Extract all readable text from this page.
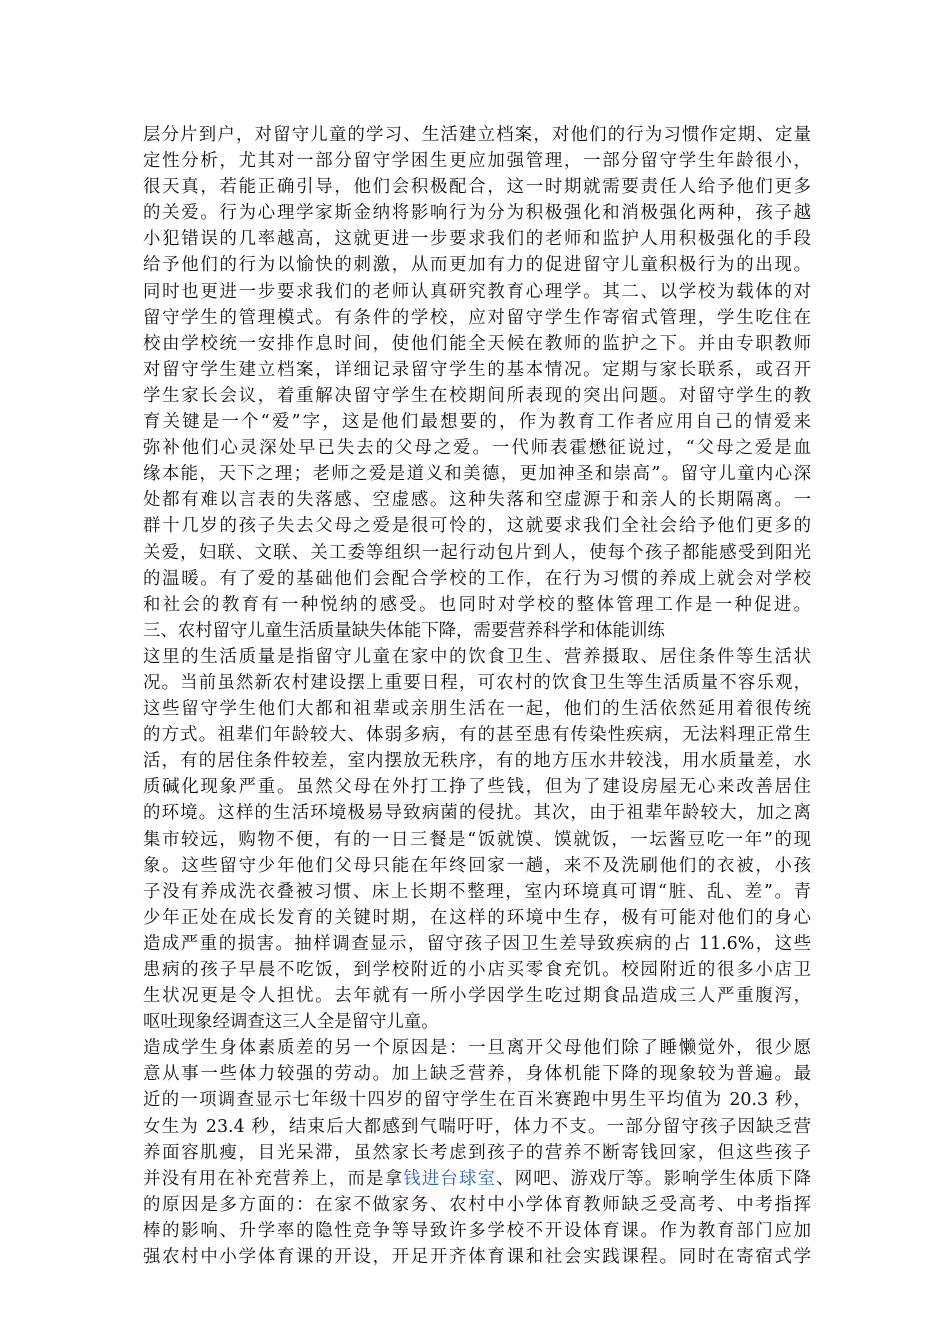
层分片到户，对留守儿童的学习、生活建立档案，对他们的行为习惯作定期、定量
定性分析，尤其对一部分留守学困生更应加强管理，一部分留守学生年龄很小，
很天真，若能正确引导，他们会积极配合，这一时期就需要责任人给予他们更多
的关爱。行为心理学家斯金纳将影响行为分为积极强化和消极强化两种，孩子越
小犯错误的几率越高，这就更进一步要求我们的老师和监护人用积极强化的手段
给予他们的行为以愉快的刺激，从而更加有力的促进留守儿童积极行为的出现。
同时也更进一步要求我们的老师认真研究教育心理学。其二、以学校为载体的对
留守学生的管理模式。有条件的学校，应对留守学生作寄宿式管理，学生吃住在
校由学校统一安排作息时间，使他们能全天候在教师的监护之下。并由专职教师
对留守学生建立档案，详细记录留守学生的基本情况。定期与家长联系，或召开
学生家长会议，着重解决留守学生在校期间所表现的突出问题。对留守学生的教
育关键是一个“爱”字，这是他们最想要的，作为教育工作者应用自己的情爱来
弥补他们心灵深处早已失去的父母之爱。一代师表霍懋征说过，“父母之爱是血
缘本能，天下之理；老师之爱是道义和美德，更加神圣和崇高”。留守儿童内心深
处都有难以言表的失落感、空虚感。这种失落和空虚源于和亲人的长期隔离。一
群十几岁的孩子失去父母之爱是很可怜的，这就要求我们全社会给予他们更多的
关爱，妇联、文联、关工委等组织一起行动包片到人，使每个孩子都能感受到阳光
的温暖。有了爱的基础他们会配合学校的工作，在行为习惯的养成上就会对学校
和社会的教育有一种悦纳的感受。也同时对学校的整体管理工作是一种促进。
三、农村留守儿童生活质量缺失体能下降，需要营养科学和体能训练
这里的生活质量是指留守儿童在家中的饮食卫生、营养摄取、居住条件等生活状
况。当前虽然新农村建设摆上重要日程，可农村的饮食卫生等生活质量不容乐观，
这些留守学生他们大都和祖辈或亲朋生活在一起，他们的生活依然延用着很传统
的方式。祖辈们年龄较大、体弱多病，有的甚至患有传染性疾病，无法料理正常生
活，有的居住条件较差，室内摆放无秩序，有的地方压水井较浅，用水质量差，水
质碱化现象严重。虽然父母在外打工挣了些钱，但为了建设房屋无心来改善居住
的环境。这样的生活环境极易导致病菌的侵扰。其次，由于祖辈年龄较大，加之离
集市较远，购物不便，有的一日三餐是“饭就馍、馍就饭，一坛酱豆吃一年”的现
象。这些留守少年他们父母只能在年终回家一趟，来不及洗刷他们的衣被，小孩
子没有养成洗衣叠被习惯、床上长期不整理，室内环境真可谓“脏、乱、差”。青
少年正处在成长发育的关键时期，在这样的环境中生存，极有可能对他们的身心
造成严重的损害。抽样调查显示，留守孩子因卫生差导致疾病的占 11.6%，这些
患病的孩子早晨不吃饭，到学校附近的小店买零食充饥。校园附近的很多小店卫
生状况更是令人担忧。去年就有一所小学因学生吃过期食品造成三人严重腹泻，
呕吐现象经调查这三人全是留守儿童。
造成学生身体素质差的另一个原因是：一旦离开父母他们除了睡懒觉外，很少愿
意从事一些体力较强的劳动。加上缺乏营养，身体机能下降的现象较为普遍。最
近的一项调查显示七年级十四岁的留守学生在百米赛跑中男生平均值为 20.3 秒，
女生为 23.4 秒，结束后大都感到气喘吁吁，体力不支。一部分留守孩子因缺乏营
养面容肌瘦，目光呆滞，虽然家长考虑到孩子的营养不断寄钱回家，但这些孩子
并没有用在补充营养上，而是拿钱进台球室、网吧、游戏厅等。影响学生体质下降
的原因是多方面的：在家不做家务、农村中小学体育教师缺乏受高考、中考指挥
棒的影响、升学率的隐性竞争等导致许多学校不开设体育课。作为教育部门应加
强农村中小学体育课的开设，开足开齐体育课和社会实践课程。同时在寄宿式学
